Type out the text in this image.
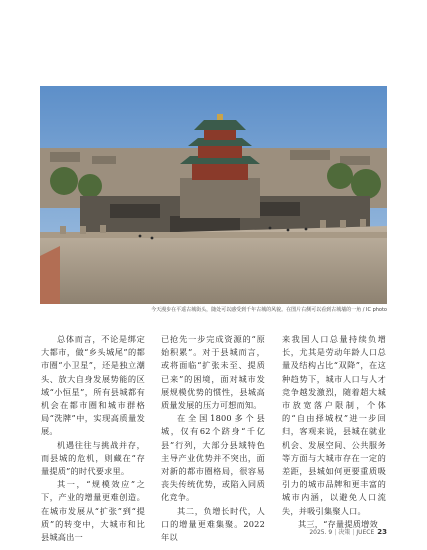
今天漫步在平遥古城街头，随处可以感受到千年古城的风貌。在图片右侧可以看到古城墙的一角 / IC photo

总体而言，不论是绑定大都市，做“乡头城尾”的都市圈“小卫星”，还是独立潮头、放大自身发展势能的区域“小恒星”，所有县城都有机会在都市圈和城市群格局“洗牌”中，实现高质量发展。

机遇往往与挑战并存，而县城的危机，则藏在“存量提质”的时代要求里。

其一，“规模效应”之下，产业的增量更难创造。在城市发展从“扩张”到“提质”的转变中，大城市和比县城高出一

已抢先一步完成资源的“原始积累”。对于县城而言，或将面临“扩张未至、提质已来”的困境，面对城市发展规模优势的惯性，县城高质量发展的压力可想而知。

在全国1800多个县城，仅有62个跻身“千亿县”行列，大部分县域特色主导产业优势并不突出，面对新的都市圈格局，很容易丧失传统优势，或陷入同质化竞争。

其二，负增长时代，人口的增量更难集聚。2022年以

来我国人口总量持续负增长，尤其是劳动年龄人口总量及结构占比“双降”，在这种趋势下，城市人口与人才竞争越发激烈，随着超大城市放宽落户限制，个体的“自由择城权”进一步回归，客观来说，县城在就业机会、发展空间、公共服务等方面与大城市存在一定的差距，县城如何更要重质吸引力的城市品牌和更丰富的城市内涵，以避免人口流失，并吸引集聚人口。

其三，“存量提质增效

2025. 9 | 决策 | JUECE 23
